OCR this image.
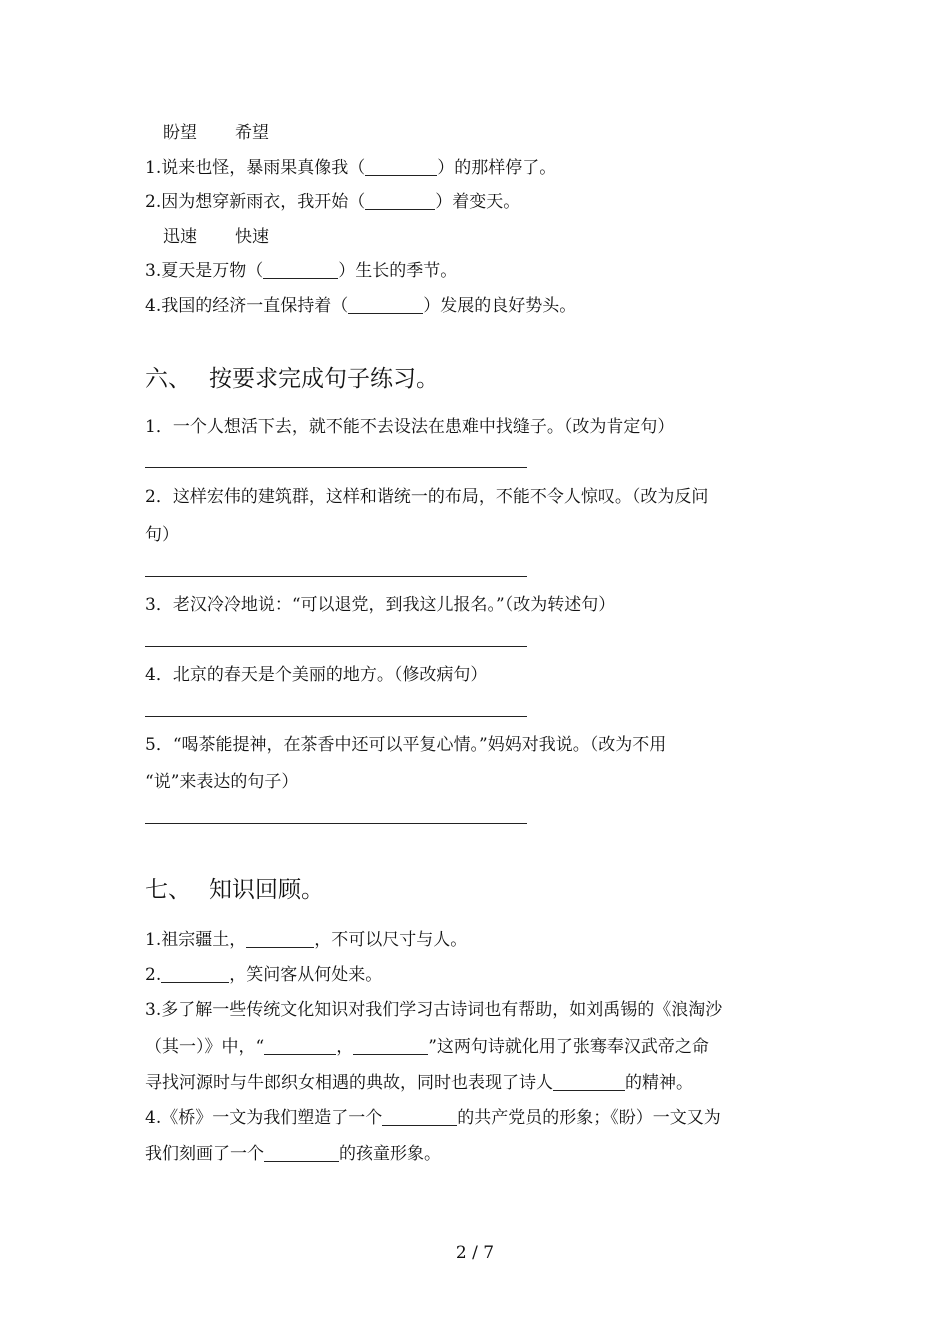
盼望 希望
1.说来也怪，暴雨果真像我（	）的那样停了。
2.因为想穿新雨衣，我开始（	）着变天。
迅速 快速
3.夏天是万物（	）生长的季节。
4.我国的经济一直保持着（	）发展的良好势头。
六、 按要求完成句子练习。
1．一个人想活下去，就不能不去设法在患难中找缝子。（改为肯定句）
2．这样宏伟的建筑群，这样和谐统一的布局，不能不令人惊叹。（改为反问
句）
3．老汉冷冷地说：“可以退党，到我这儿报名。”（改为转述句）
4．北京的春天是个美丽的地方。（修改病句）
5．“喝茶能提神，在茶香中还可以平复心情。”妈妈对我说。（改为不用
“说”来表达的句子）
七、 知识回顾。
1.祖宗疆土，	，不可以尺寸与人。
2.	，笑问客从何处来。
3.多了解一些传统文化知识对我们学习古诗词也有帮助，如刘禹锡的《浪淘沙
（其一）》中，“	，	”这两句诗就化用了张骞奉汉武帝之命
寻找河源时与牛郎织女相遇的典故，同时也表现了诗人	的精神。
4.《桥》一文为我们塑造了一个	的共产党员的形象；《盼）一文又为
我们刻画了一个	的孩童形象。
2 / 7
